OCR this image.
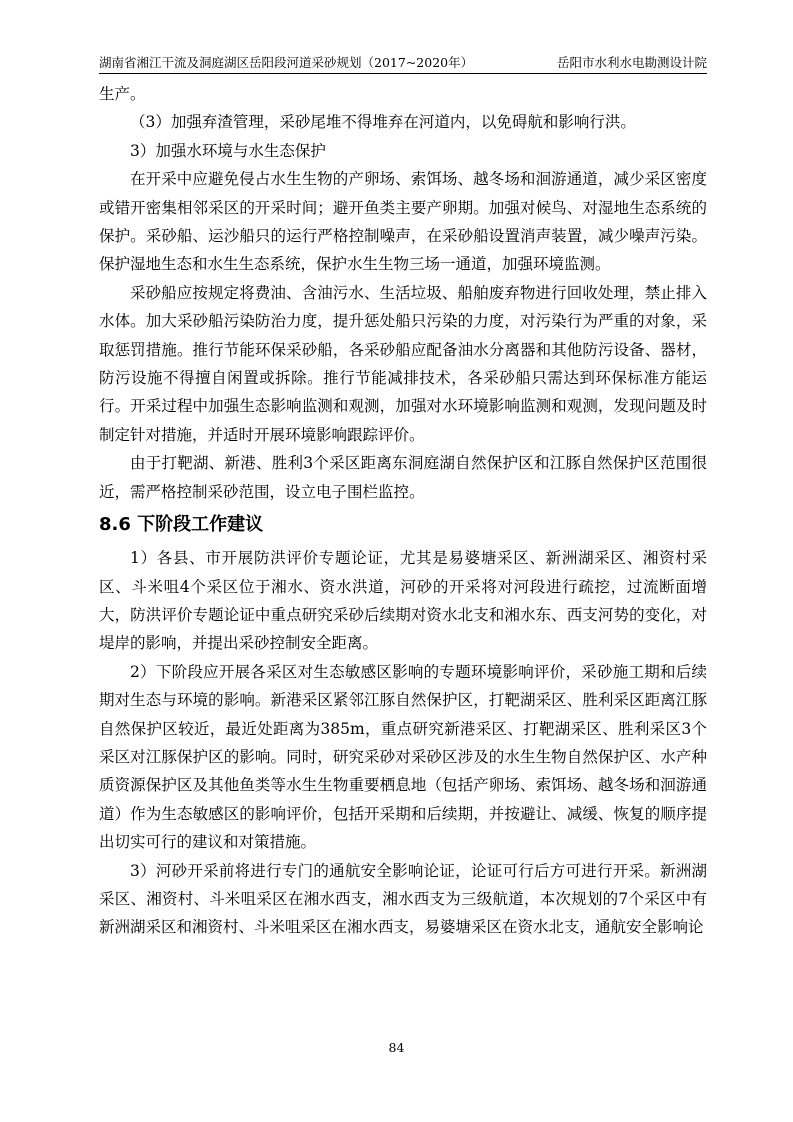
湖南省湘江干流及洞庭湖区岳阳段河道采砂规划（2017~2020年）	岳阳市水利水电勘测设计院

生产。

（3）加强弃渣管理，采砂尾堆不得堆弃在河道内，以免碍航和影响行洪。

3）加强水环境与水生态保护

在开采中应避免侵占水生生物的产卵场、索饵场、越冬场和洄游通道，减少采区密度或错开密集相邻采区的开采时间；避开鱼类主要产卵期。加强对候鸟、对湿地生态系统的保护。采砂船、运沙船只的运行严格控制噪声，在采砂船设置消声装置，减少噪声污染。保护湿地生态和水生生态系统，保护水生生物三场一通道，加强环境监测。

采砂船应按规定将费油、含油污水、生活垃圾、船舶废弃物进行回收处理，禁止排入水体。加大采砂船污染防治力度，提升惩处船只污染的力度，对污染行为严重的对象，采取惩罚措施。推行节能环保采砂船，各采砂船应配备油水分离器和其他防污设备、器材，防污设施不得擅自闲置或拆除。推行节能减排技术，各采砂船只需达到环保标准方能运行。开采过程中加强生态影响监测和观测，加强对水环境影响监测和观测，发现问题及时制定针对措施，并适时开展环境影响跟踪评价。

由于打靶湖、新港、胜利3个采区距离东洞庭湖自然保护区和江豚自然保护区范围很近，需严格控制采砂范围，设立电子围栏监控。

8.6 下阶段工作建议

1）各县、市开展防洪评价专题论证，尤其是易婆塘采区、新洲湖采区、湘资村采区、斗米咀4个采区位于湘水、资水洪道，河砂的开采将对河段进行疏挖，过流断面增大，防洪评价专题论证中重点研究采砂后续期对资水北支和湘水东、西支河势的变化，对堤岸的影响，并提出采砂控制安全距离。

2）下阶段应开展各采区对生态敏感区影响的专题环境影响评价，采砂施工期和后续期对生态与环境的影响。新港采区紧邻江豚自然保护区，打靶湖采区、胜利采区距离江豚自然保护区较近，最近处距离为385m，重点研究新港采区、打靶湖采区、胜利采区3个采区对江豚保护区的影响。同时，研究采砂对采砂区涉及的水生生物自然保护区、水产种质资源保护区及其他鱼类等水生生物重要栖息地（包括产卵场、索饵场、越冬场和洄游通道）作为生态敏感区的影响评价，包括开采期和后续期，并按避让、减缓、恢复的顺序提出切实可行的建议和对策措施。

3）河砂开采前将进行专门的通航安全影响论证，论证可行后方可进行开采。新洲湖采区、湘资村、斗米咀采区在湘水西支，湘水西支为三级航道，本次规划的7个采区中有新洲湖采区和湘资村、斗米咀采区在湘水西支，易婆塘采区在资水北支，通航安全影响论

84
